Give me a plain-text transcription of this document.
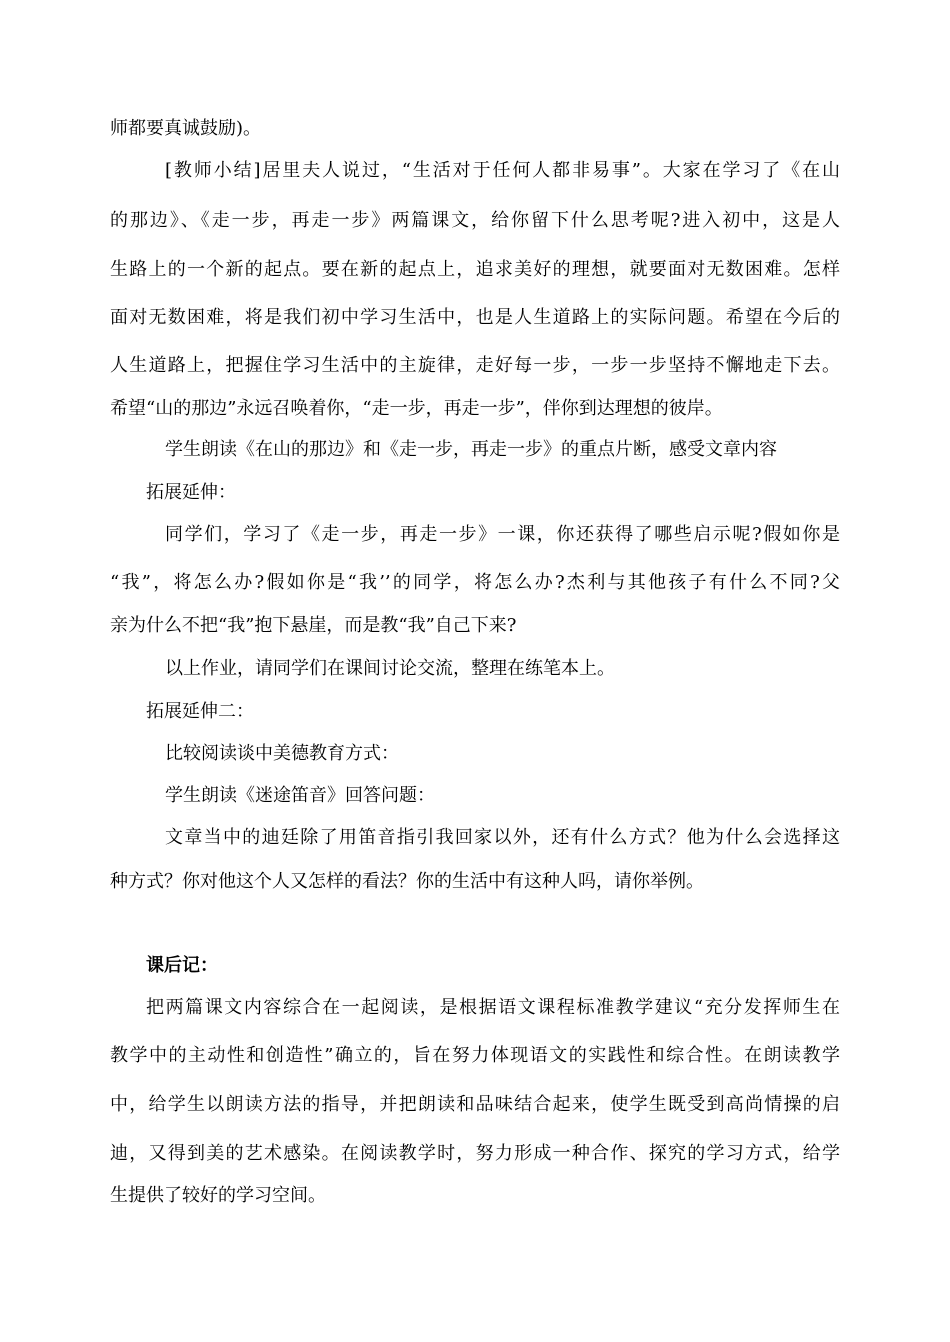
师都要真诚鼓励)。
[教师小结]居里夫人说过，“生活对于任何人都非易事”。大家在学习了《在山
的那边》、《走一步，再走一步》两篇课文，给你留下什么思考呢?进入初中，这是人
生路上的一个新的起点。要在新的起点上，追求美好的理想，就要面对无数困难。怎样
面对无数困难，将是我们初中学习生活中，也是人生道路上的实际问题。希望在今后的
人生道路上，把握住学习生活中的主旋律，走好每一步，一步一步坚持不懈地走下去。
希望“山的那边”永远召唤着你，“走一步，再走一步”，伴你到达理想的彼岸。
学生朗读《在山的那边》和《走一步，再走一步》的重点片断，感受文章内容
拓展延伸：
同学们，学习了《走一步，再走一步》一课，你还获得了哪些启示呢?假如你是
“我”，将怎么办?假如你是“我’’的同学，将怎么办?杰利与其他孩子有什么不同?父
亲为什么不把“我”抱下悬崖，而是教“我”自己下来?
以上作业，请同学们在课间讨论交流，整理在练笔本上。
拓展延伸二：
比较阅读谈中美德教育方式：
学生朗读《迷途笛音》回答问题：
文章当中的迪廷除了用笛音指引我回家以外，还有什么方式？他为什么会选择这
种方式？你对他这个人又怎样的看法？你的生活中有这种人吗，请你举例。
课后记：
把两篇课文内容综合在一起阅读，是根据语文课程标准教学建议“充分发挥师生在
教学中的主动性和创造性”确立的，旨在努力体现语文的实践性和综合性。在朗读教学
中，给学生以朗读方法的指导，并把朗读和品味结合起来，使学生既受到高尚情操的启
迪，又得到美的艺术感染。在阅读教学时，努力形成一种合作、探究的学习方式，给学
生提供了较好的学习空间。
